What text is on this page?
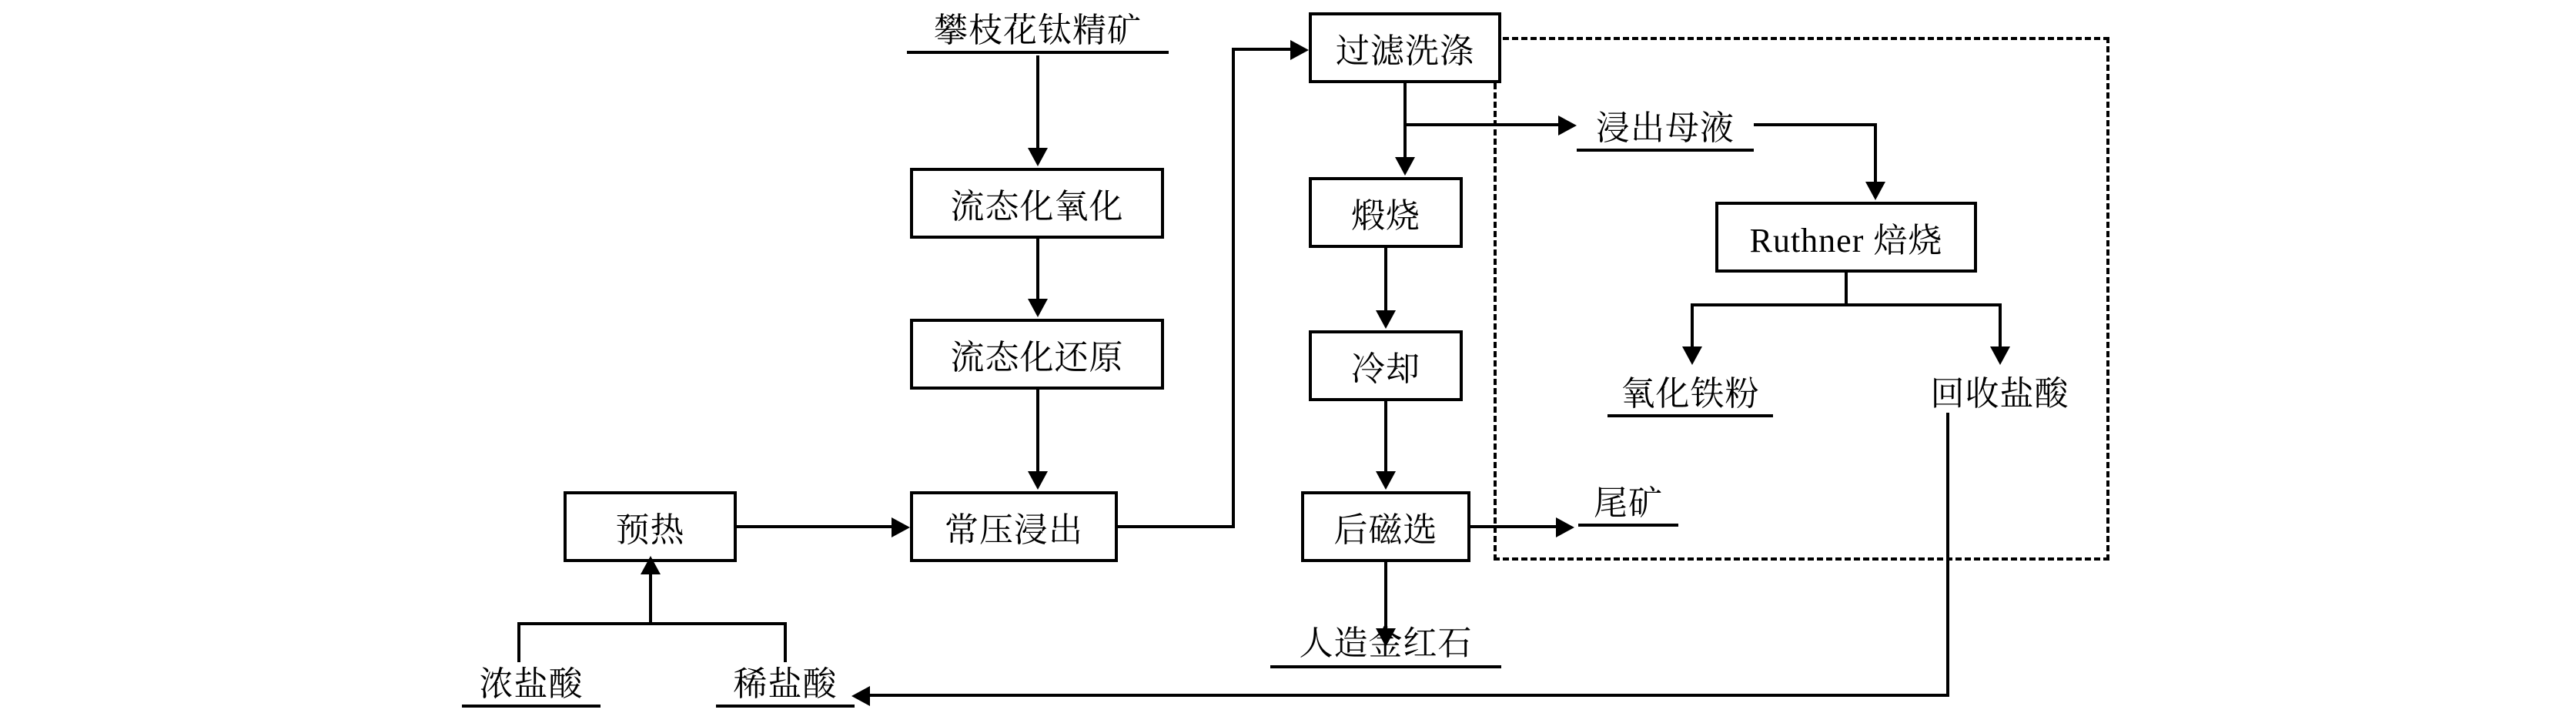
攀枝花钛精矿
流态化氧化
流态化还原
常压浸出
预热
浓盐酸	稀盐酸
过滤洗涤
浸出母液
煅烧
冷却
后磁选
尾矿
人造金红石
Ruthner 焙烧
氧化铁粉	回收盐酸
